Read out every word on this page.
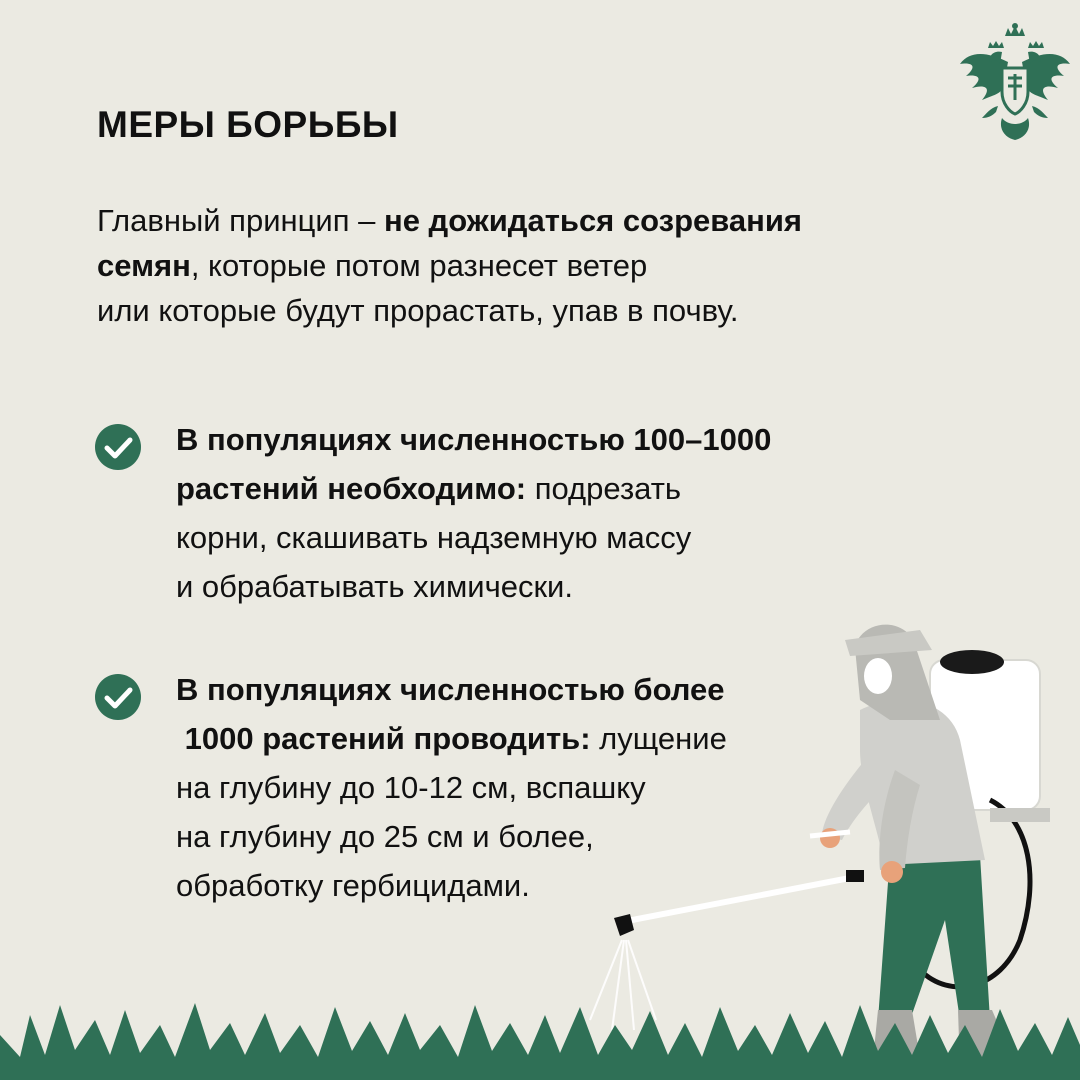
МЕРЫ БОРЬБЫ

Главный принцип – не дожидаться созревания
семян, которые потом разнесет ветер
или которые будут прорастать, упав в почву.

В популяциях численностью 100–1000
растений необходимо: подрезать
корни, скашивать надземную массу
и обрабатывать химически.

В популяциях численностью более
1000 растений проводить: лущение
на глубину до 10-12 см, вспашку
на глубину до 25 см и более,
обработку гербицидами.
